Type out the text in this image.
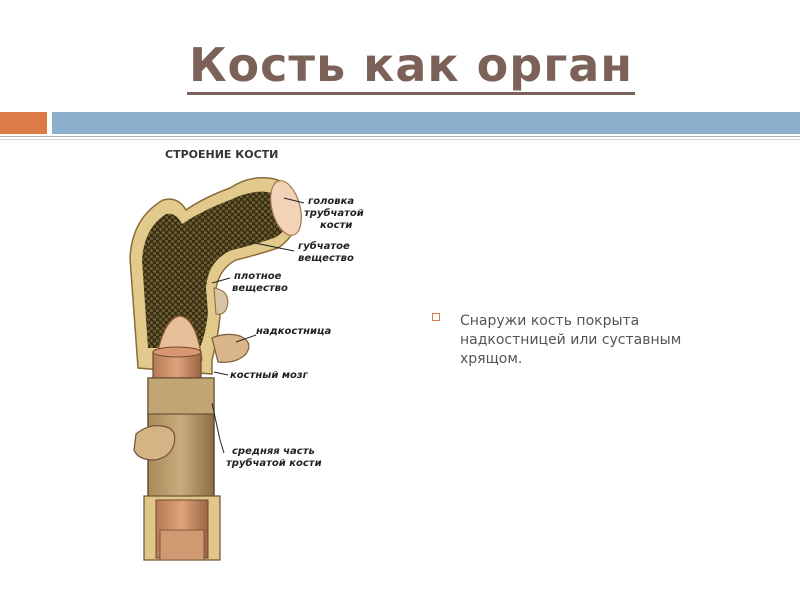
Кость как орган
СТРОЕНИЕ КОСТИ
головка
трубчатой
кости
губчатое
вещество
плотное
вещество
надкостница
костный мозг
средняя часть
трубчатой кости
Снаружи кость покрыта надкостницей или суставным хрящом.
